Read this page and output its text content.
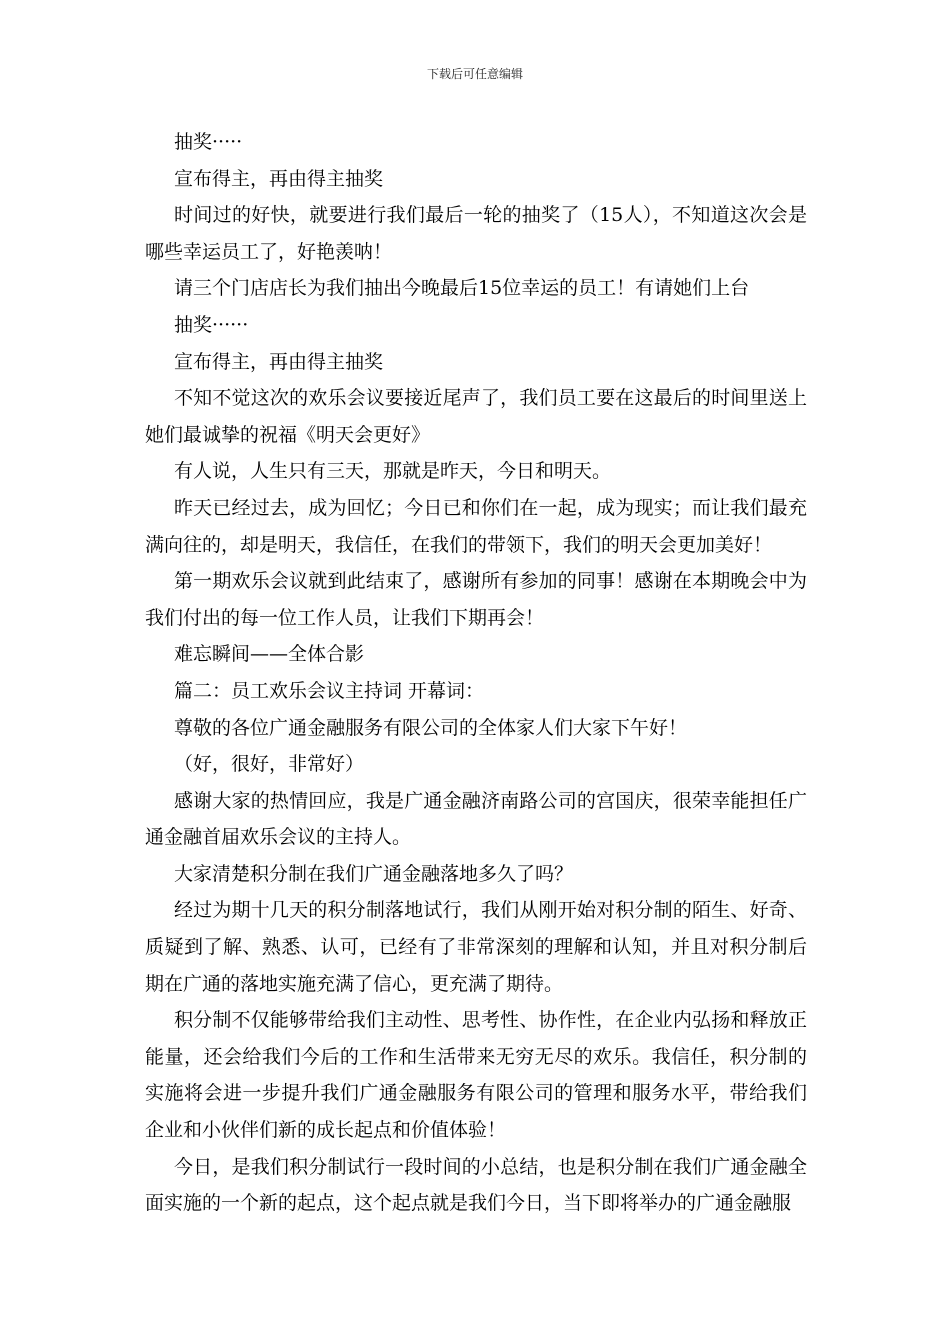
下载后可任意编辑

抽奖·····

宣布得主，再由得主抽奖

时间过的好快，就要进行我们最后一轮的抽奖了（15人），不知道这次会是哪些幸运员工了，好艳羡呐！

请三个门店店长为我们抽出今晚最后15位幸运的员工！有请她们上台

抽奖······

宣布得主，再由得主抽奖

不知不觉这次的欢乐会议要接近尾声了，我们员工要在这最后的时间里送上她们最诚挚的祝福《明天会更好》

有人说，人生只有三天，那就是昨天，今日和明天。

昨天已经过去，成为回忆；今日已和你们在一起，成为现实；而让我们最充满向往的，却是明天，我信任，在我们的带领下，我们的明天会更加美好！

第一期欢乐会议就到此结束了，感谢所有参加的同事！感谢在本期晚会中为我们付出的每一位工作人员，让我们下期再会！

难忘瞬间——全体合影

篇二：员工欢乐会议主持词 开幕词：

尊敬的各位广通金融服务有限公司的全体家人们大家下午好！

（好，很好，非常好）

感谢大家的热情回应，我是广通金融济南路公司的宫国庆，很荣幸能担任广通金融首届欢乐会议的主持人。

大家清楚积分制在我们广通金融落地多久了吗？

经过为期十几天的积分制落地试行，我们从刚开始对积分制的陌生、好奇、质疑到了解、熟悉、认可，已经有了非常深刻的理解和认知，并且对积分制后期在广通的落地实施充满了信心，更充满了期待。

积分制不仅能够带给我们主动性、思考性、协作性，在企业内弘扬和释放正能量，还会给我们今后的工作和生活带来无穷无尽的欢乐。我信任，积分制的实施将会进一步提升我们广通金融服务有限公司的管理和服务水平，带给我们企业和小伙伴们新的成长起点和价值体验！

今日，是我们积分制试行一段时间的小总结，也是积分制在我们广通金融全面实施的一个新的起点，这个起点就是我们今日，当下即将举办的广通金融服
